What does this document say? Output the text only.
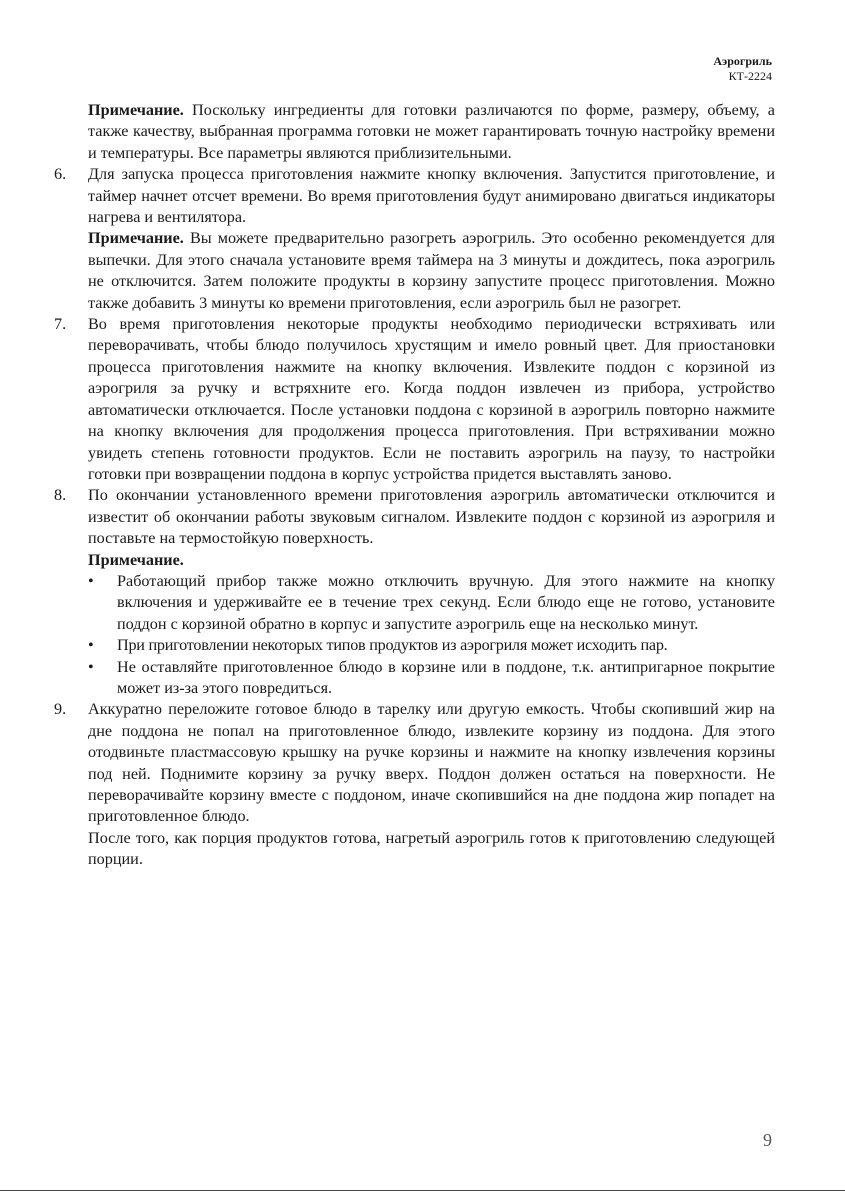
Аэрогриль
КТ-2224

Примечание. Поскольку ингредиенты для готовки различаются по форме, размеру, объему, а также качеству, выбранная программа готовки не может гарантировать точную настройку времени и температуры. Все параметры являются приблизительными.

6. Для запуска процесса приготовления нажмите кнопку включения. Запустится приготовление, и таймер начнет отсчет времени. Во время приготовления будут анимировано двигаться индикаторы нагрева и вентилятора.

Примечание. Вы можете предварительно разогреть аэрогриль. Это особенно рекомендуется для выпечки. Для этого сначала установите время таймера на 3 минуты и дождитесь, пока аэрогриль не отключится. Затем положите продукты в корзину запустите процесс приготовления. Можно также добавить 3 минуты ко времени приготовления, если аэрогриль был не разогрет.

7. Во время приготовления некоторые продукты необходимо периодически встряхивать или переворачивать, чтобы блюдо получилось хрустящим и имело ровный цвет. Для приостановки процесса приготовления нажмите на кнопку включения. Извлеките поддон с корзиной из аэрогриля за ручку и встряхните его. Когда поддон извлечен из прибора, устройство автоматически отключается. После установки поддона с корзиной в аэрогриль повторно нажмите на кнопку включения для продолжения процесса приготовления. При встряхивании можно увидеть степень готовности продуктов. Если не поставить аэрогриль на паузу, то настройки готовки при возвращении поддона в корпус устройства придется выставлять заново.

8. По окончании установленного времени приготовления аэрогриль автоматически отключится и известит об окончании работы звуковым сигналом. Извлеките поддон с корзиной из аэрогриля и поставьте на термостойкую поверхность.

Примечание.

• Работающий прибор также можно отключить вручную. Для этого нажмите на кнопку включения и удерживайте ее в течение трех секунд. Если блюдо еще не готово, установите поддон с корзиной обратно в корпус и запустите аэрогриль еще на несколько минут.

• При приготовлении некоторых типов продуктов из аэрогриля может исходить пар.

• Не оставляйте приготовленное блюдо в корзине или в поддоне, т.к. антипригарное покрытие может из-за этого повредиться.

9. Аккуратно переложите готовое блюдо в тарелку или другую емкость. Чтобы скопивший жир на дне поддона не попал на приготовленное блюдо, извлеките корзину из поддона. Для этого отодвиньте пластмассовую крышку на ручке корзины и нажмите на кнопку извлечения корзины под ней. Поднимите корзину за ручку вверх. Поддон должен остаться на поверхности. Не переворачивайте корзину вместе с поддоном, иначе скопившийся на дне поддона жир попадет на приготовленное блюдо.

После того, как порция продуктов готова, нагретый аэрогриль готов к приготовлению следующей порции.

9
